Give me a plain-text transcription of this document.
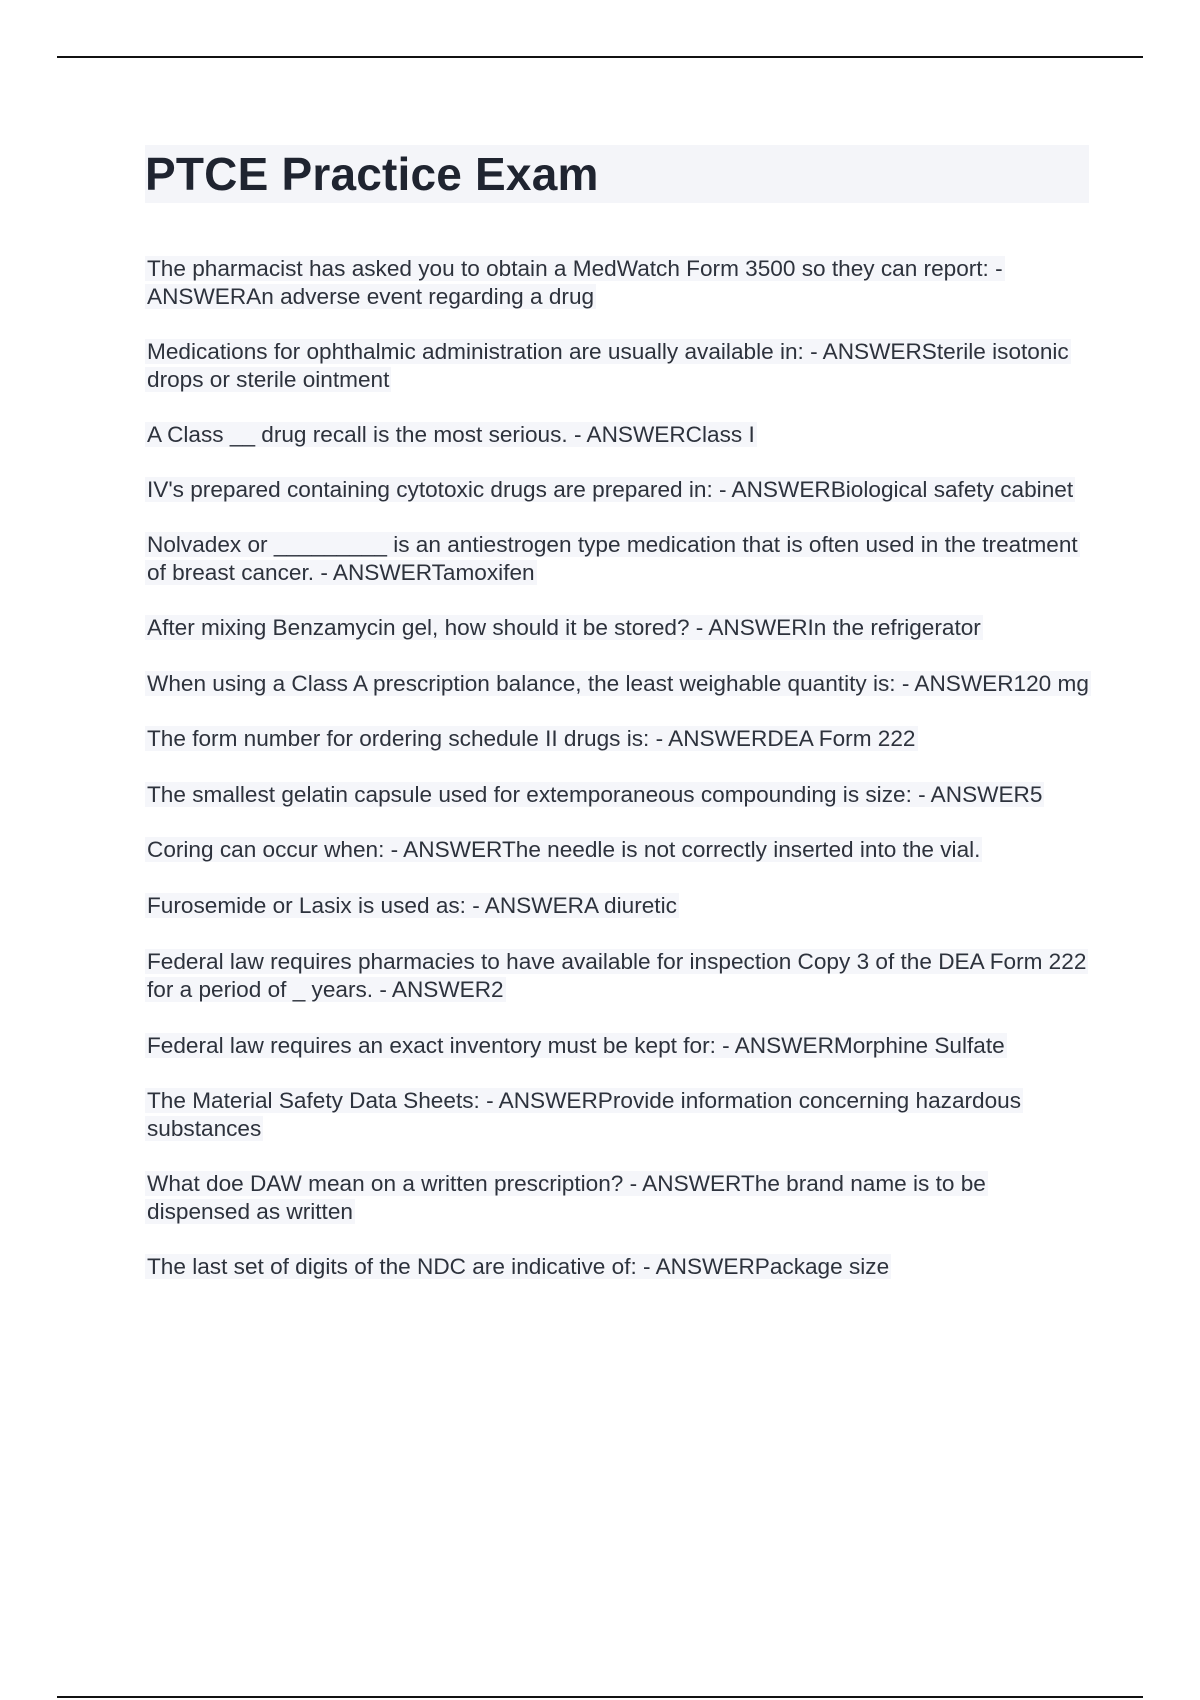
PTCE Practice Exam

The pharmacist has asked you to obtain a MedWatch Form 3500 so they can report: - ANSWERAn adverse event regarding a drug

Medications for ophthalmic administration are usually available in: - ANSWERSterile isotonic drops or sterile ointment

A Class __ drug recall is the most serious. - ANSWERClass I

IV's prepared containing cytotoxic drugs are prepared in: - ANSWERBiological safety cabinet

Nolvadex or _________ is an antiestrogen type medication that is often used in the treatment of breast cancer. - ANSWERTamoxifen

After mixing Benzamycin gel, how should it be stored? - ANSWERIn the refrigerator

When using a Class A prescription balance, the least weighable quantity is: - ANSWER120 mg

The form number for ordering schedule II drugs is: - ANSWERDEA Form 222

The smallest gelatin capsule used for extemporaneous compounding is size: - ANSWER5

Coring can occur when: - ANSWERThe needle is not correctly inserted into the vial.

Furosemide or Lasix is used as: - ANSWERA diuretic

Federal law requires pharmacies to have available for inspection Copy 3 of the DEA Form 222 for a period of _ years. - ANSWER2

Federal law requires an exact inventory must be kept for: - ANSWERMorphine Sulfate

The Material Safety Data Sheets: - ANSWERProvide information concerning hazardous substances

What doe DAW mean on a written prescription? - ANSWERThe brand name is to be dispensed as written

The last set of digits of the NDC are indicative of: - ANSWERPackage size
